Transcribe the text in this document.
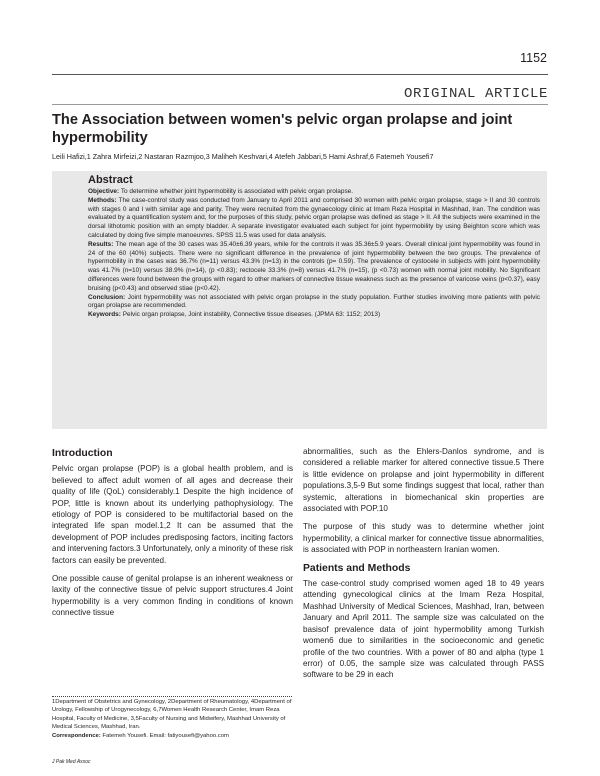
1152
ORIGINAL ARTICLE
The Association between women's pelvic organ prolapse and joint hypermobility
Leili Hafizi,1 Zahra Mirfeizi,2 Nastaran Razmjoo,3 Maliheh Keshvari,4 Atefeh Jabbari,5 Hami Ashraf,6 Fatemeh Yousefi7
Abstract

Objective: To determine whether joint hypermobility is associated with pelvic organ prolapse.

Methods: The case-control study was conducted from January to April 2011 and comprised 30 women with pelvic organ prolapse, stage > II and 30 controls with stages 0 and I with similar age and parity. They were recruited from the gynaecology clinic at Imam Reza Hospital in Mashhad, Iran. The condition was evaluated by a quantification system and, for the purposes of this study, pelvic organ prolapse was defined as stage > II. All the subjects were examined in the dorsal lithotomic position with an empty bladder. A separate investigator evaluated each subject for joint hypermobility by using Beighton score which was calculated by doing five simple manoeuvres. SPSS 11.5 was used for data analysis.

Results: The mean age of the 30 cases was 35.40±6.39 years, while for the controls it was 35.36±5.9 years. Overall clinical joint hypermobility was found in 24 of the 60 (40%) subjects. There were no significant difference in the prevalence of joint hypermobility between the two groups. The prevalence of hypermobility in the cases was 36.7% (n=11) versus 43.3% (n=13) in the controls (p= 0.59). The prevalence of cystocele in subjects with joint hypermobility was 41.7% (n=10) versus 38.9% (n=14), (p <0.83); rectocele 33.3% (n=8) versus 41.7% (n=15), (p <0.73) women with normal joint mobility. No Significant differences were found between the groups with regard to other markers of connective tissue weakness such as the presence of varicose veins (p<0.37), easy bruising (p<0.43) and observed stiae (p<0.42).

Conclusion: Joint hypermobility was not associated with pelvic organ prolapse in the study population. Further studies involving more patients with pelvic organ prolapse are recommended.

Keywords: Pelvic organ prolapse, Joint instability, Connective tissue diseases. (JPMA 63: 1152; 2013)

Introduction

Pelvic organ prolapse (POP) is a global health problem, and is believed to affect adult women of all ages and decrease their quality of life (QoL) considerably.1 Despite the high incidence of POP, little is known about its underlying pathophysiology. The etiology of POP is considered to be multifactorial based on the integrated life span model.1,2 It can be assumed that the development of POP includes predisposing factors, inciting factors and intervening factors.3 Unfortunately, only a minority of these risk factors can easily be prevented.

One possible cause of genital prolapse is an inherent weakness or laxity of the connective tissue of pelvic support structures.4 Joint hypermobility is a very common finding in conditions of known connective tissue

abnormalities, such as the Ehlers-Danlos syndrome, and is considered a reliable marker for altered connective tissue.5 There is little evidence on prolapse and joint hypermobility in different populations.3,5-9 But some findings suggest that local, rather than systemic, alterations in biomechanical skin properties are associated with POP.10

The purpose of this study was to determine whether joint hypermobility, a clinical marker for connective tissue abnormalities, is associated with POP in northeastern Iranian women.

Patients and Methods

The case-control study comprised women aged 18 to 49 years attending gynecological clinics at the Imam Reza Hospital, Mashhad University of Medical Sciences, Mashhad, Iran, between January and April 2011. The sample size was calculated on the basisof prevalence data of joint hypermobility among Turkish women6 due to similarities in the socioeconomic and genetic profile of the two countries. With a power of 80 and alpha (type 1 error) of 0.05, the sample size was calculated through PASS software to be 29 in each

1Department of Obstetrics and Gynecology, 2Department of Rheumatology, 4Department of Urology, Fellowship of Urogynecology, 6,7Women Health Research Center, Imam Reza Hospital, Faculty of Medicine, 3,5Faculty of Nursing and Midwifery, Mashhad University of Medical Sciences, Mashhad, Iran.

Correspondence: Fatemeh Yousefi. Email: fatiyousefi@yahoo.com

J Pak Med Assoc
